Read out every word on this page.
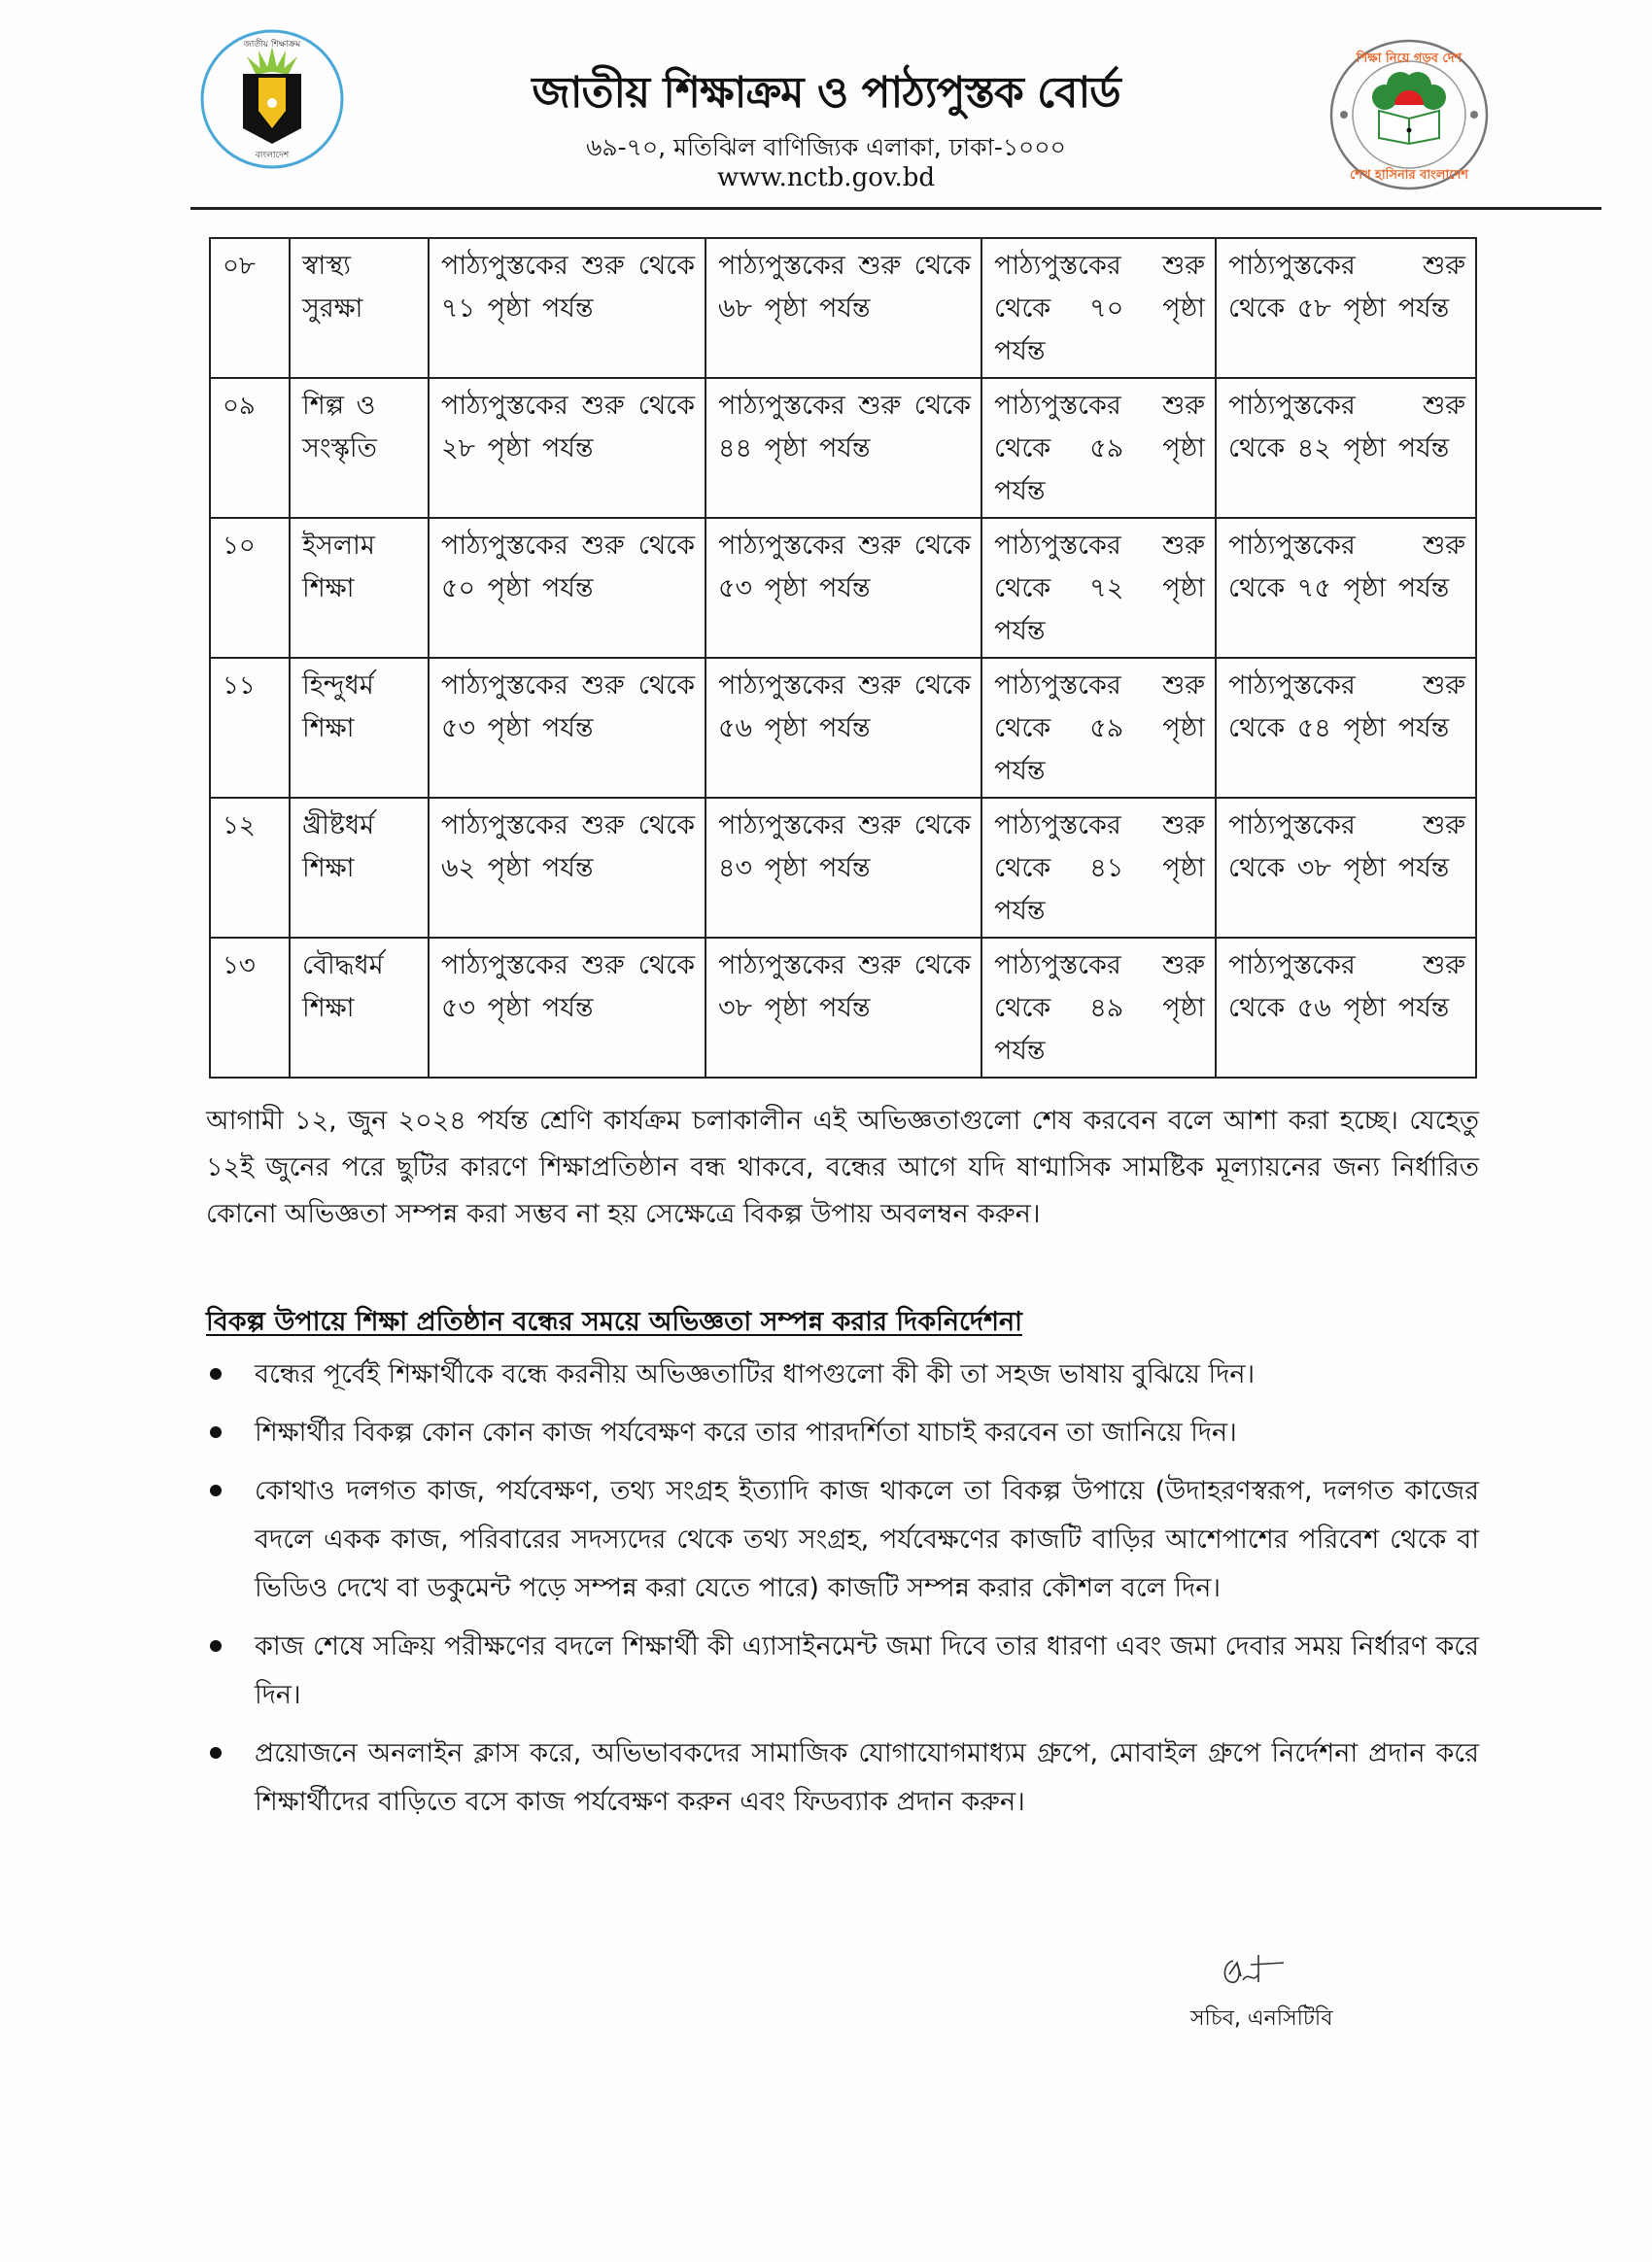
বাংলাদেশ
জাতীয় শিক্ষাক্রম
জাতীয় শিক্ষাক্রম ও পাঠ্যপুস্তক বোর্ড
৬৯-৭০, মতিঝিল বাণিজ্যিক এলাকা, ঢাকা-১০০০
www.nctb.gov.bd
শিক্ষা নিয়ে গড়ব দেশ
শেখ হাসিনার বাংলাদেশ
০৮	স্বাস্থ্য সুরক্ষা	পাঠ্যপুস্তকের শুরু থেকে ৭১ পৃষ্ঠা পর্যন্ত	পাঠ্যপুস্তকের শুরু থেকে ৬৮ পৃষ্ঠা পর্যন্ত	পাঠ্যপুস্তকের শুরু থেকে ৭০ পৃষ্ঠা পর্যন্ত	পাঠ্যপুস্তকের শুরু থেকে ৫৮ পৃষ্ঠা পর্যন্ত
০৯	শিল্প ও সংস্কৃতি	পাঠ্যপুস্তকের শুরু থেকে ২৮ পৃষ্ঠা পর্যন্ত	পাঠ্যপুস্তকের শুরু থেকে ৪৪ পৃষ্ঠা পর্যন্ত	পাঠ্যপুস্তকের শুরু থেকে ৫৯ পৃষ্ঠা পর্যন্ত	পাঠ্যপুস্তকের শুরু থেকে ৪২ পৃষ্ঠা পর্যন্ত
১০	ইসলাম শিক্ষা	পাঠ্যপুস্তকের শুরু থেকে ৫০ পৃষ্ঠা পর্যন্ত	পাঠ্যপুস্তকের শুরু থেকে ৫৩ পৃষ্ঠা পর্যন্ত	পাঠ্যপুস্তকের শুরু থেকে ৭২ পৃষ্ঠা পর্যন্ত	পাঠ্যপুস্তকের শুরু থেকে ৭৫ পৃষ্ঠা পর্যন্ত
১১	হিন্দুধর্ম শিক্ষা	পাঠ্যপুস্তকের শুরু থেকে ৫৩ পৃষ্ঠা পর্যন্ত	পাঠ্যপুস্তকের শুরু থেকে ৫৬ পৃষ্ঠা পর্যন্ত	পাঠ্যপুস্তকের শুরু থেকে ৫৯ পৃষ্ঠা পর্যন্ত	পাঠ্যপুস্তকের শুরু থেকে ৫৪ পৃষ্ঠা পর্যন্ত
১২	খ্রীষ্টধর্ম শিক্ষা	পাঠ্যপুস্তকের শুরু থেকে ৬২ পৃষ্ঠা পর্যন্ত	পাঠ্যপুস্তকের শুরু থেকে ৪৩ পৃষ্ঠা পর্যন্ত	পাঠ্যপুস্তকের শুরু থেকে ৪১ পৃষ্ঠা পর্যন্ত	পাঠ্যপুস্তকের শুরু থেকে ৩৮ পৃষ্ঠা পর্যন্ত
১৩	বৌদ্ধধর্ম শিক্ষা	পাঠ্যপুস্তকের শুরু থেকে ৫৩ পৃষ্ঠা পর্যন্ত	পাঠ্যপুস্তকের শুরু থেকে ৩৮ পৃষ্ঠা পর্যন্ত	পাঠ্যপুস্তকের শুরু থেকে ৪৯ পৃষ্ঠা পর্যন্ত	পাঠ্যপুস্তকের শুরু থেকে ৫৬ পৃষ্ঠা পর্যন্ত
আগামী ১২, জুন ২০২৪ পর্যন্ত শ্রেণি কার্যক্রম চলাকালীন এই অভিজ্ঞতাগুলো শেষ করবেন বলে আশা করা হচ্ছে। যেহেতু ১২ই জুনের পরে ছুটির কারণে শিক্ষাপ্রতিষ্ঠান বন্ধ থাকবে, বন্ধের আগে যদি ষাণ্মাসিক সামষ্টিক মূল্যায়নের জন্য নির্ধারিত কোনো অভিজ্ঞতা সম্পন্ন করা সম্ভব না হয় সেক্ষেত্রে বিকল্প উপায় অবলম্বন করুন।
বিকল্প উপায়ে শিক্ষা প্রতিষ্ঠান বন্ধের সময়ে অভিজ্ঞতা সম্পন্ন করার দিকনির্দেশনা
বন্ধের পূর্বেই শিক্ষার্থীকে বন্ধে করনীয় অভিজ্ঞতাটির ধাপগুলো কী কী তা সহজ ভাষায় বুঝিয়ে দিন।
শিক্ষার্থীর বিকল্প কোন কোন কাজ পর্যবেক্ষণ করে তার পারদর্শিতা যাচাই করবেন তা জানিয়ে দিন।
কোথাও দলগত কাজ, পর্যবেক্ষণ, তথ্য সংগ্রহ ইত্যাদি কাজ থাকলে তা বিকল্প উপায়ে (উদাহরণস্বরূপ, দলগত কাজের বদলে একক কাজ, পরিবারের সদস্যদের থেকে তথ্য সংগ্রহ, পর্যবেক্ষণের কাজটি বাড়ির আশেপাশের পরিবেশ থেকে বা ভিডিও দেখে বা ডকুমেন্ট পড়ে সম্পন্ন করা যেতে পারে) কাজটি সম্পন্ন করার কৌশল বলে দিন।
কাজ শেষে সক্রিয় পরীক্ষণের বদলে শিক্ষার্থী কী এ্যাসাইনমেন্ট জমা দিবে তার ধারণা এবং জমা দেবার সময় নির্ধারণ করে দিন।
প্রয়োজনে অনলাইন ক্লাস করে, অভিভাবকদের সামাজিক যোগাযোগমাধ্যম গ্রুপে, মোবাইল গ্রুপে নির্দেশনা প্রদান করে শিক্ষার্থীদের বাড়িতে বসে কাজ পর্যবেক্ষণ করুন এবং ফিডব্যাক প্রদান করুন।
সচিব, এনসিটিবি
